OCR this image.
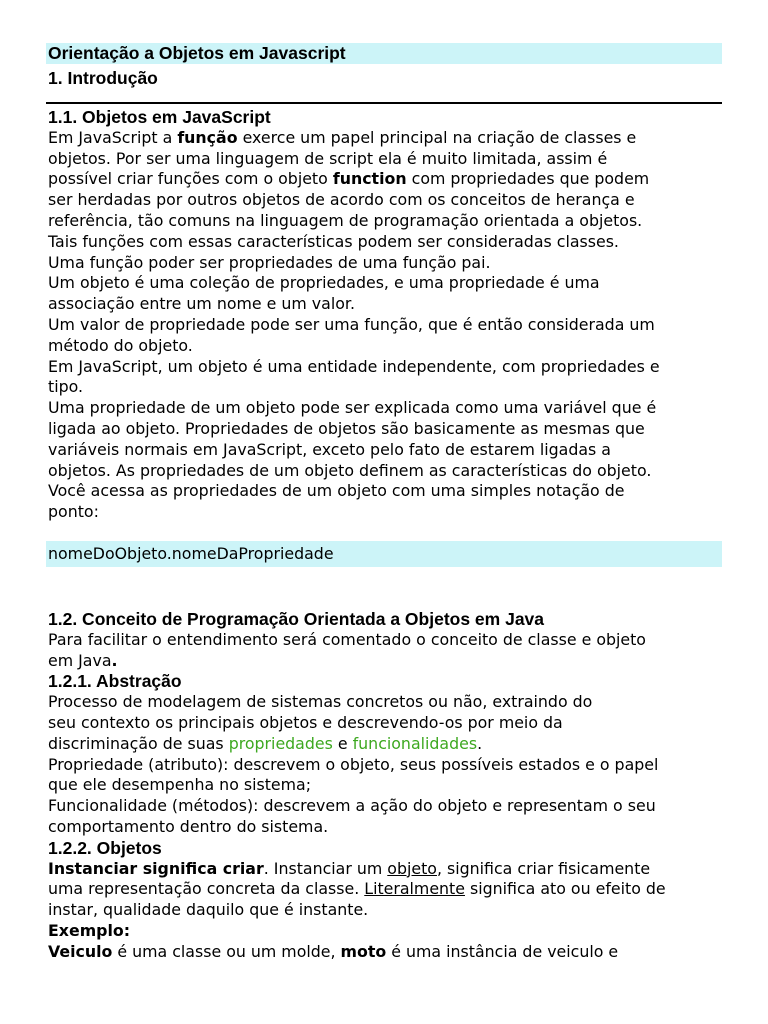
Orientação a Objetos em Javascript
1. Introdução
1.1. Objetos em JavaScript
Em JavaScript a função exerce um papel principal na criação de classes e
objetos. Por ser uma linguagem de script ela é muito limitada, assim é
possível criar funções com o objeto function com propriedades que podem
ser herdadas por outros objetos de acordo com os conceitos de herança e
referência, tão comuns na linguagem de programação orientada a objetos.
Tais funções com essas características podem ser consideradas classes.
Uma função poder ser propriedades de uma função pai.
Um objeto é uma coleção de propriedades, e uma propriedade é uma
associação entre um nome e um valor.
Um valor de propriedade pode ser uma função, que é então considerada um
método do objeto.
Em JavaScript, um objeto é uma entidade independente, com propriedades e
tipo.
Uma propriedade de um objeto pode ser explicada como uma variável que é
ligada ao objeto. Propriedades de objetos são basicamente as mesmas que
variáveis normais em JavaScript, exceto pelo fato de estarem ligadas a
objetos. As propriedades de um objeto definem as características do objeto.
Você acessa as propriedades de um objeto com uma simples notação de
ponto:
nomeDoObjeto.nomeDaPropriedade
1.2. Conceito de Programação Orientada a Objetos em Java
Para facilitar o entendimento será comentado o conceito de classe e objeto
em Java.
1.2.1. Abstração
Processo de modelagem de sistemas concretos ou não, extraindo do
seu contexto os principais objetos e descrevendo-os por meio da
discriminação de suas propriedades e funcionalidades.
Propriedade (atributo): descrevem o objeto, seus possíveis estados e o papel
que ele desempenha no sistema;
Funcionalidade (métodos): descrevem a ação do objeto e representam o seu
comportamento dentro do sistema.
1.2.2. Objetos
Instanciar significa criar. Instanciar um objeto, significa criar fisicamente
uma representação concreta da classe. Literalmente significa ato ou efeito de
instar, qualidade daquilo que é instante.
Exemplo:
Veiculo é uma classe ou um molde, moto é uma instância de veiculo e
